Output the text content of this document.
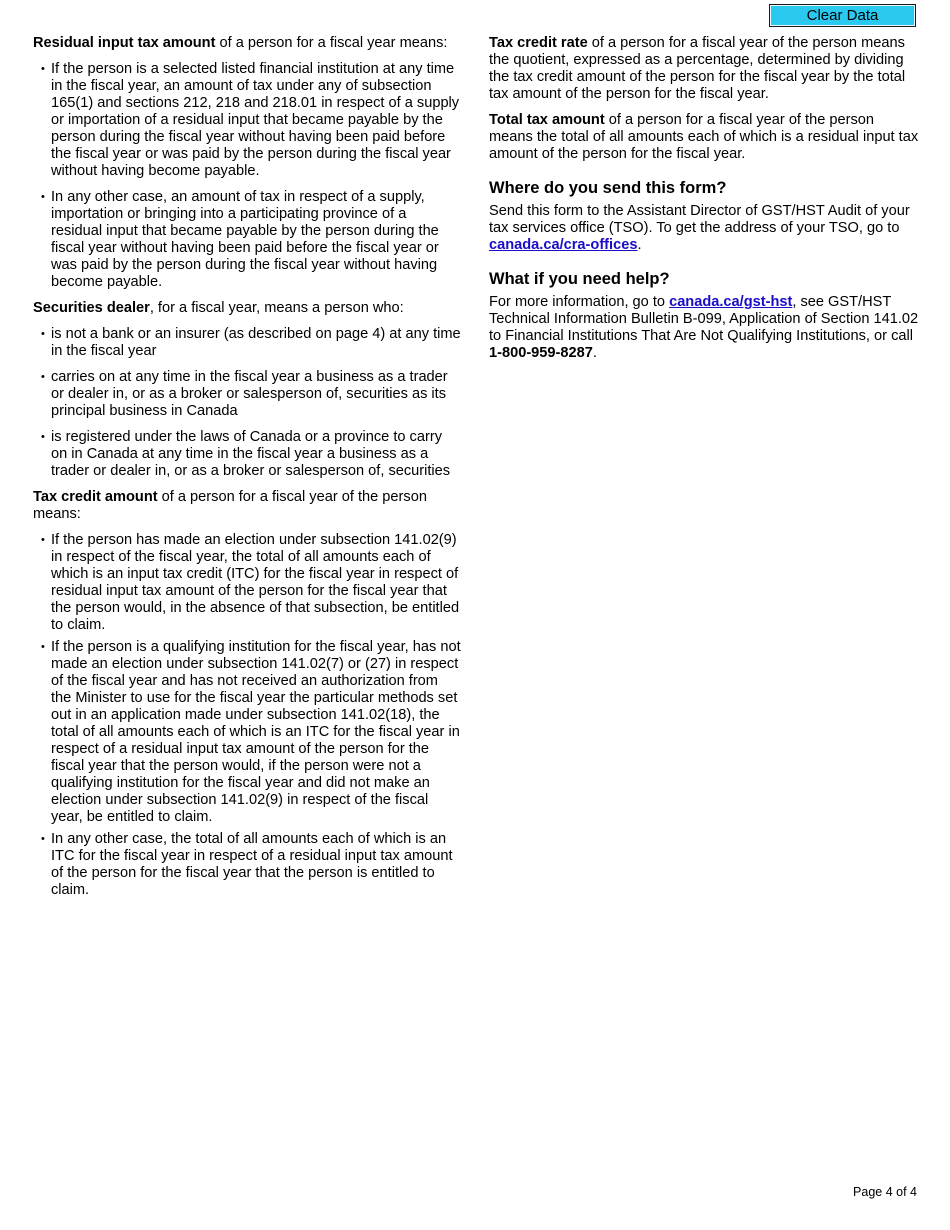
Clear Data

Residual input tax amount of a person for a fiscal year means:

• If the person is a selected listed financial institution at any time in the fiscal year, an amount of tax under any of subsection 165(1) and sections 212, 218 and 218.01 in respect of a supply or importation of a residual input that became payable by the person during the fiscal year without having been paid before the fiscal year or was paid by the person during the fiscal year without having become payable.
• In any other case, an amount of tax in respect of a supply, importation or bringing into a participating province of a residual input that became payable by the person during the fiscal year without having been paid before the fiscal year or was paid by the person during the fiscal year without having become payable.

Securities dealer, for a fiscal year, means a person who:

• is not a bank or an insurer (as described on page 4) at any time in the fiscal year
• carries on at any time in the fiscal year a business as a trader or dealer in, or as a broker or salesperson of, securities as its principal business in Canada
• is registered under the laws of Canada or a province to carry on in Canada at any time in the fiscal year a business as a trader or dealer in, or as a broker or salesperson of, securities

Tax credit amount of a person for a fiscal year of the person means:

• If the person has made an election under subsection 141.02(9) in respect of the fiscal year, the total of all amounts each of which is an input tax credit (ITC) for the fiscal year in respect of residual input tax amount of the person for the fiscal year that the person would, in the absence of that subsection, be entitled to claim.
• If the person is a qualifying institution for the fiscal year, has not made an election under subsection 141.02(7) or (27) in respect of the fiscal year and has not received an authorization from the Minister to use for the fiscal year the particular methods set out in an application made under subsection 141.02(18), the total of all amounts each of which is an ITC for the fiscal year in respect of a residual input tax amount of the person for the fiscal year that the person would, if the person were not a qualifying institution for the fiscal year and did not make an election under subsection 141.02(9) in respect of the fiscal year, be entitled to claim.
• In any other case, the total of all amounts each of which is an ITC for the fiscal year in respect of a residual input tax amount of the person for the fiscal year that the person is entitled to claim.

Tax credit rate of a person for a fiscal year of the person means the quotient, expressed as a percentage, determined by dividing the tax credit amount of the person for the fiscal year by the total tax amount of the person for the fiscal year.

Total tax amount of a person for a fiscal year of the person means the total of all amounts each of which is a residual input tax amount of the person for the fiscal year.

Where do you send this form?

Send this form to the Assistant Director of GST/HST Audit of your tax services office (TSO). To get the address of your TSO, go to canada.ca/cra-offices.

What if you need help?

For more information, go to canada.ca/gst-hst, see GST/HST Technical Information Bulletin B-099, Application of Section 141.02 to Financial Institutions That Are Not Qualifying Institutions, or call 1-800-959-8287.

Page 4 of 4
